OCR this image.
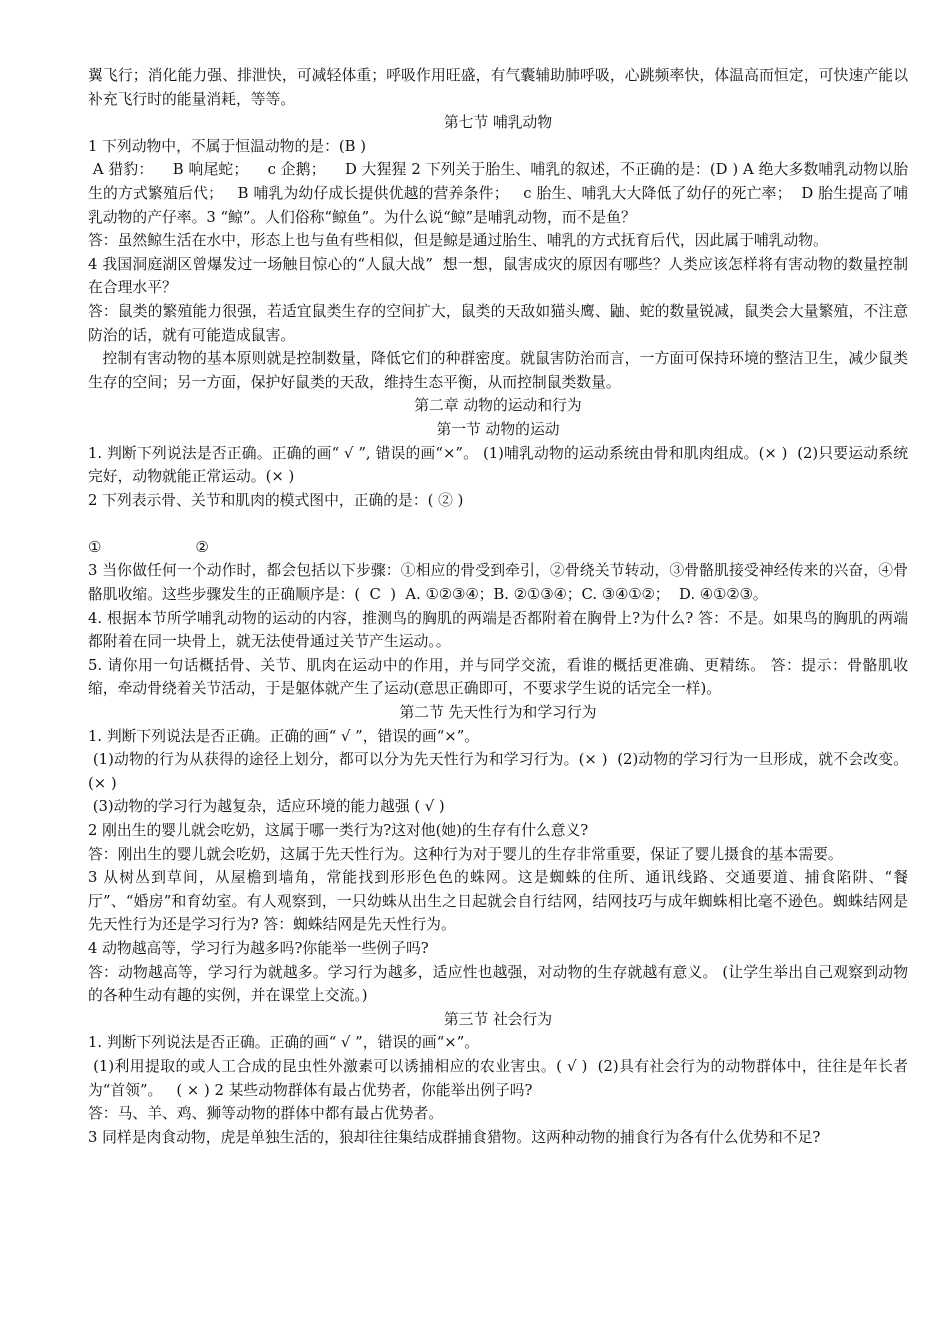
翼飞行；消化能力强、排泄快，可减轻体重；呼吸作用旺盛，有气囊辅助肺呼吸，心跳频率快，体温高而恒定，可快速产能以补充飞行时的能量消耗，等等。

第七节 哺乳动物

1 下列动物中，不属于恒温动物的是：(B )

A 猎豹：    B 响尾蛇；    c 企鹅；    D 大猩猩 2 下列关于胎生、哺乳的叙述，不正确的是：(D ) A 绝大多数哺乳动物以胎生的方式繁殖后代；   B 哺乳为幼仔成长提供优越的营养条件；   c 胎生、哺乳大大降低了幼仔的死亡率；  D 胎生提高了哺乳动物的产仔率。3 “鲸”。人们俗称“鲸鱼”。为什么说“鲸”是哺乳动物，而不是鱼？

答：虽然鲸生活在水中，形态上也与鱼有些相似，但是鲸是通过胎生、哺乳的方式抚育后代，因此属于哺乳动物。

4 我国洞庭湖区曾爆发过一场触目惊心的“人鼠大战”  想一想，鼠害成灾的原因有哪些？人类应该怎样将有害动物的数量控制在合理水平？

答：鼠类的繁殖能力很强，若适宜鼠类生存的空间扩大，鼠类的天敌如猫头鹰、鼬、蛇的数量锐减，鼠类会大量繁殖，不注意防治的话，就有可能造成鼠害。

控制有害动物的基本原则就是控制数量，降低它们的种群密度。就鼠害防治而言，一方面可保持环境的整洁卫生，减少鼠类生存的空间；另一方面，保护好鼠类的天敌，维持生态平衡，从而控制鼠类数量。

第二章 动物的运动和行为

第一节 动物的运动

1. 判断下列说法是否正确。正确的画“ √ ”, 错误的画“×”。 (1)哺乳动物的运动系统由骨和肌肉组成。(× )  (2)只要运动系统完好，动物就能正常运动。(× )

2 下列表示骨、关节和肌肉的模式图中，正确的是：( ② )

①                    ②

3 当你做任何一个动作时，都会包括以下步骤：①相应的骨受到牵引，②骨绕关节转动，③骨骼肌接受神经传来的兴奋，④骨骼肌收缩。这些步骤发生的正确顺序是：(  C  )  A. ①②③④；B. ②①③④；C. ③④①②；  D. ④①②③。

4. 根据本节所学哺乳动物的运动的内容，推测鸟的胸肌的两端是否都附着在胸骨上?为什么? 答：不是。如果鸟的胸肌的两端都附着在同一块骨上，就无法使骨通过关节产生运动。。

5. 请你用一句话概括骨、关节、肌肉在运动中的作用，并与同学交流，看谁的概括更准确、更精练。 答：提示：骨骼肌收缩，牵动骨绕着关节活动，于是躯体就产生了运动(意思正确即可，不要求学生说的话完全一样)。

第二节 先天性行为和学习行为

1. 判断下列说法是否正确。正确的画“ √ ”，错误的画“×”。

(1)动物的行为从获得的途径上划分，都可以分为先天性行为和学习行为。(× )  (2)动物的学习行为一旦形成，就不会改变。(× )

(3)动物的学习行为越复杂，适应环境的能力越强 ( √ )

2 刚出生的婴儿就会吃奶，这属于哪一类行为?这对他(她)的生存有什么意义?

答：刚出生的婴儿就会吃奶，这属于先天性行为。这种行为对于婴儿的生存非常重要，保证了婴儿摄食的基本需要。

3 从树丛到草间，从屋檐到墙角，常能找到形形色色的蛛网。这是蜘蛛的住所、通讯线路、交通要道、捕食陷阱、“餐厅”、“婚房”和育幼室。有人观察到，一只幼蛛从出生之日起就会自行结网，结网技巧与成年蜘蛛相比毫不逊色。蜘蛛结网是先天性行为还是学习行为? 答：蜘蛛结网是先天性行为。

4 动物越高等，学习行为越多吗?你能举一些例子吗?

答：动物越高等，学习行为就越多。学习行为越多，适应性也越强，对动物的生存就越有意义。 (让学生举出自己观察到动物的各种生动有趣的实例，并在课堂上交流。)

第三节 社会行为

1. 判断下列说法是否正确。正确的画“ √ ”，错误的画“×”。

(1)利用提取的或人工合成的昆虫性外激素可以诱捕相应的农业害虫。( √ )  (2)具有社会行为的动物群体中，往往是年长者为“首领”。   ( × ) 2 某些动物群体有最占优势者，你能举出例子吗?

答：马、羊、鸡、狮等动物的群体中都有最占优势者。

3 同样是肉食动物，虎是单独生活的，狼却往往集结成群捕食猎物。这两种动物的捕食行为各有什么优势和不足?
